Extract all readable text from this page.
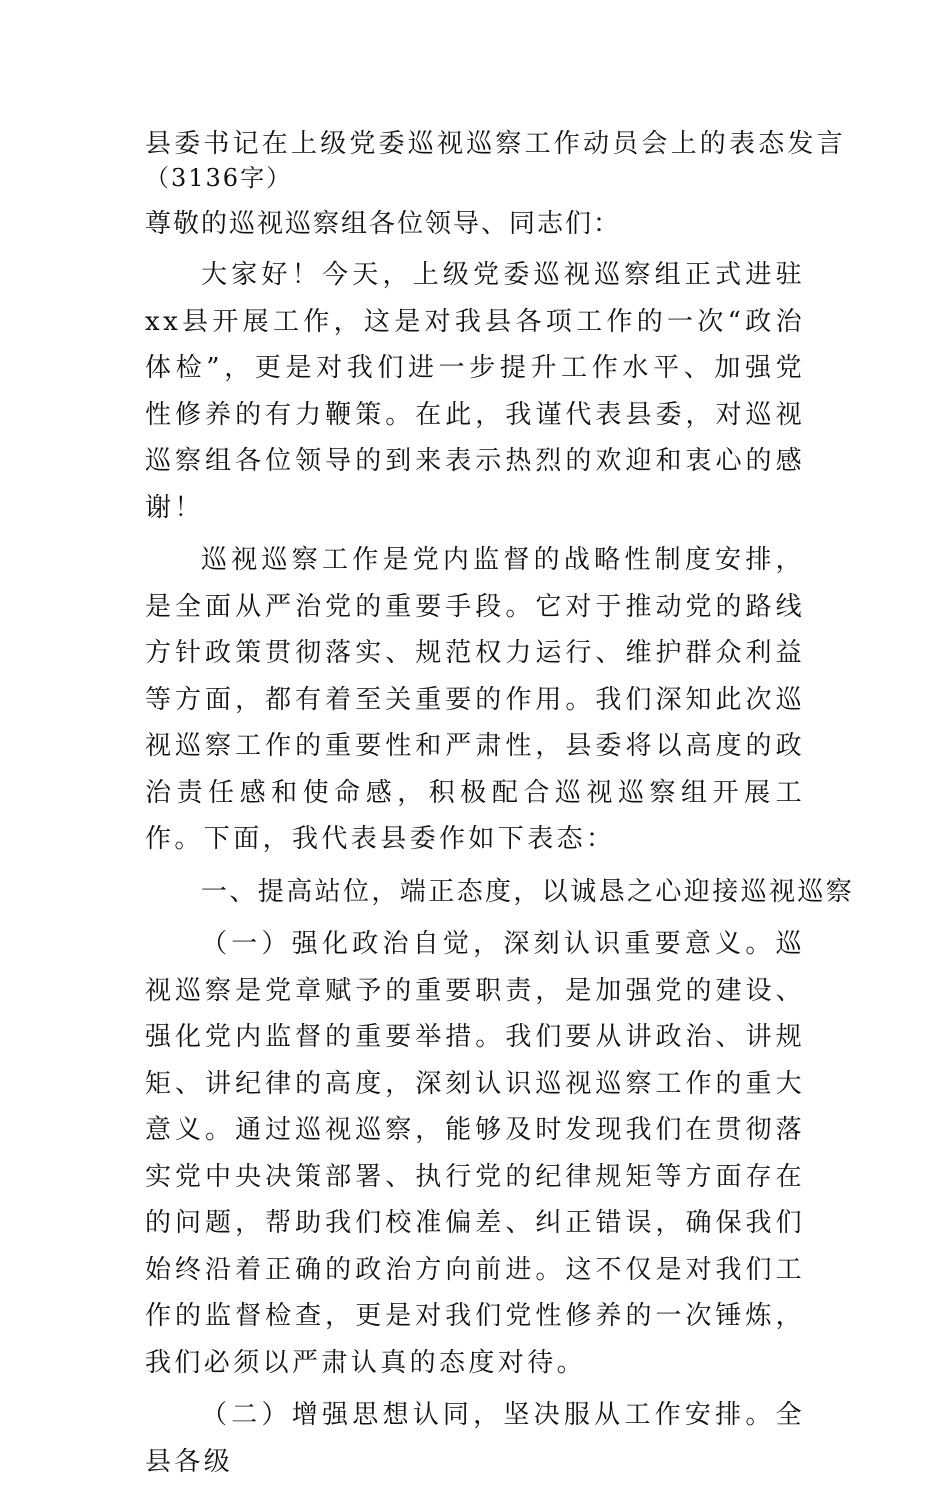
县委书记在上级党委巡视巡察工作动员会上的表态发言
（3136字）
尊敬的巡视巡察组各位领导、同志们：

大家好！今天，上级党委巡视巡察组正式进驻xx县开展工作，这是对我县各项工作的一次“政治体检”，更是对我们进一步提升工作水平、加强党性修养的有力鞭策。在此，我谨代表县委，对巡视巡察组各位领导的到来表示热烈的欢迎和衷心的感谢！

巡视巡察工作是党内监督的战略性制度安排，是全面从严治党的重要手段。它对于推动党的路线方针政策贯彻落实、规范权力运行、维护群众利益等方面，都有着至关重要的作用。我们深知此次巡视巡察工作的重要性和严肃性，县委将以高度的政治责任感和使命感，积极配合巡视巡察组开展工作。下面，我代表县委作如下表态：

一、提高站位，端正态度，以诚恳之心迎接巡视巡察

（一）强化政治自觉，深刻认识重要意义。巡视巡察是党章赋予的重要职责，是加强党的建设、强化党内监督的重要举措。我们要从讲政治、讲规矩、讲纪律的高度，深刻认识巡视巡察工作的重大意义。通过巡视巡察，能够及时发现我们在贯彻落实党中央决策部署、执行党的纪律规矩等方面存在的问题，帮助我们校准偏差、纠正错误，确保我们始终沿着正确的政治方向前进。这不仅是对我们工作的监督检查，更是对我们党性修养的一次锤炼，我们必须以严肃认真的态度对待。

（二）增强思想认同，坚决服从工作安排。全县各级
